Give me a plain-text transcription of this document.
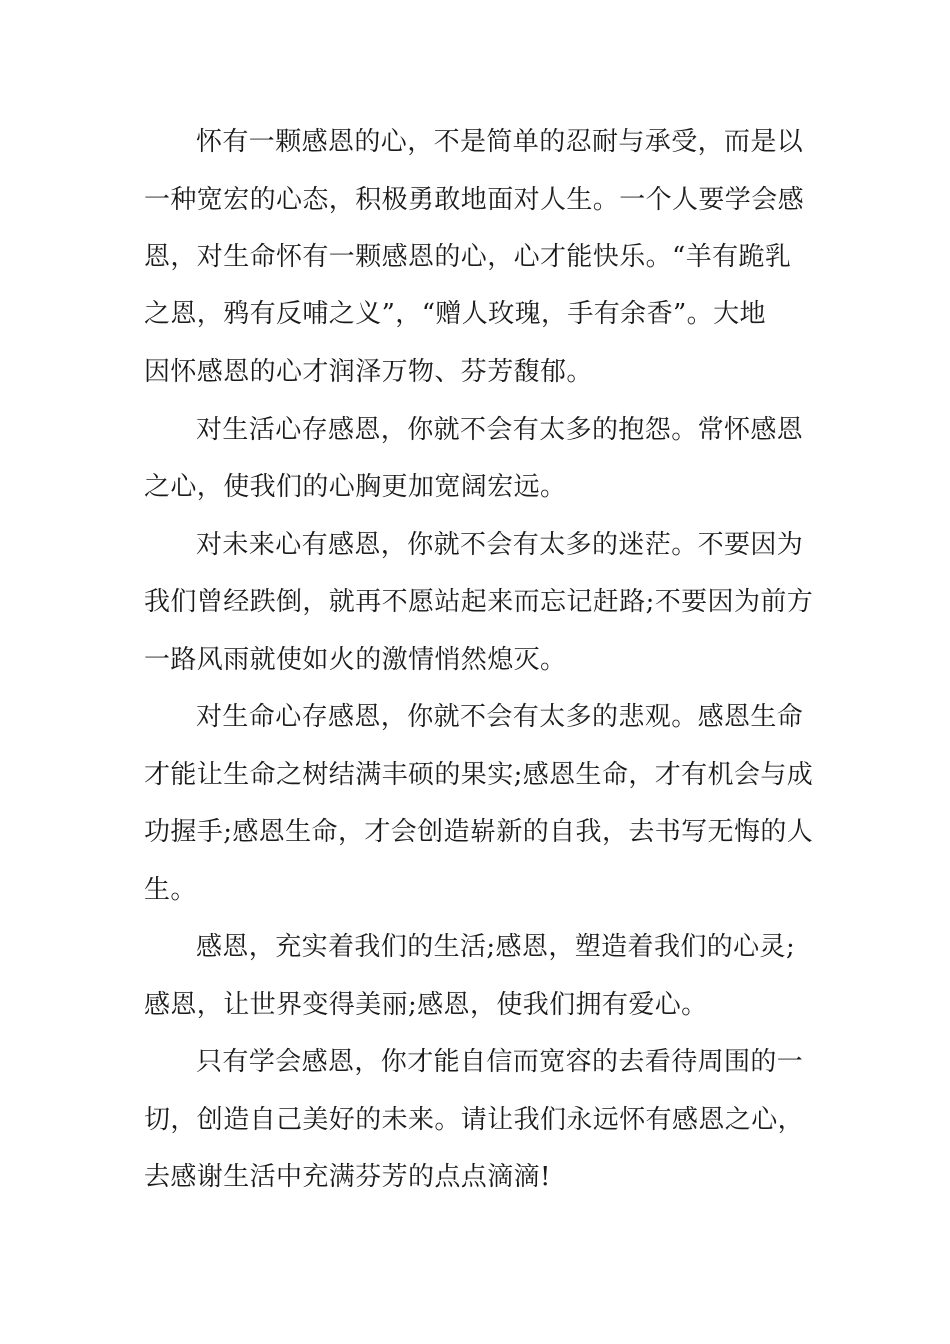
怀有一颗感恩的心，不是简单的忍耐与承受，而是以
一种宽宏的心态，积极勇敢地面对人生。一个人要学会感
恩，对生命怀有一颗感恩的心，心才能快乐。“羊有跪乳
之恩，鸦有反哺之义”，“赠人玫瑰，手有余香”。大地
因怀感恩的心才润泽万物、芬芳馥郁。
对生活心存感恩，你就不会有太多的抱怨。常怀感恩
之心，使我们的心胸更加宽阔宏远。
对未来心有感恩，你就不会有太多的迷茫。不要因为
我们曾经跌倒，就再不愿站起来而忘记赶路;不要因为前方
一路风雨就使如火的激情悄然熄灭。
对生命心存感恩，你就不会有太多的悲观。感恩生命
才能让生命之树结满丰硕的果实;感恩生命，才有机会与成
功握手;感恩生命，才会创造崭新的自我，去书写无悔的人
生。
感恩，充实着我们的生活;感恩，塑造着我们的心灵;
感恩，让世界变得美丽;感恩，使我们拥有爱心。
只有学会感恩，你才能自信而宽容的去看待周围的一
切，创造自己美好的未来。请让我们永远怀有感恩之心，
去感谢生活中充满芬芳的点点滴滴!
